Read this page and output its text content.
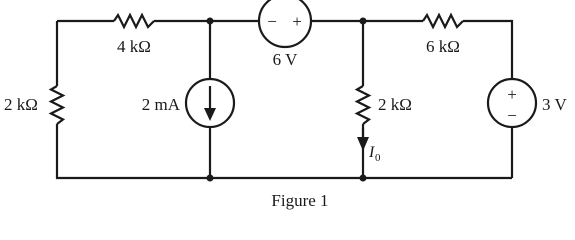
− +
+
−
2 kΩ
4 kΩ
2 mA
6 V
6 kΩ
2 kΩ	3 V
I 0
Figure 1
